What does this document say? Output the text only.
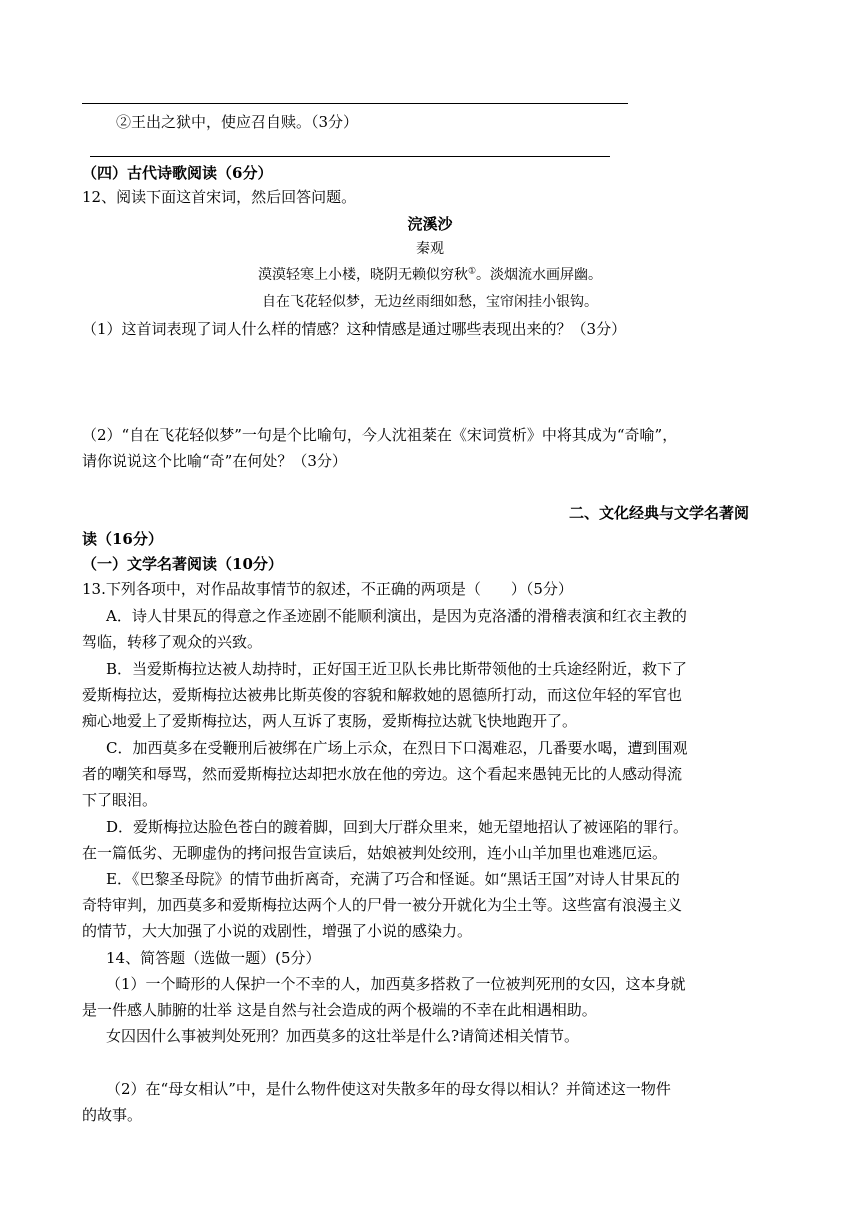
②王出之狱中，使应召自赎。（3分）
（四）古代诗歌阅读（6分）
12、阅读下面这首宋词，然后回答问题。
浣溪沙
秦观
漠漠轻寒上小楼，晓阴无赖似穷秋①。淡烟流水画屏幽。
自在飞花轻似梦，无边丝雨细如愁，宝帘闲挂小银钩。
（1）这首词表现了词人什么样的情感？这种情感是通过哪些表现出来的？（3分）
（2）“自在飞花轻似梦”一句是个比喻句，今人沈祖棻在《宋词赏析》中将其成为“奇喻”，
请你说说这个比喻“奇”在何处？（3分）
二、文化经典与文学名著阅
读（16分）
（一）文学名著阅读（10分）
13.下列各项中，对作品故事情节的叙述，不正确的两项是（　　）（5分）
A．诗人甘果瓦的得意之作圣迹剧不能顺利演出，是因为克洛潘的滑稽表演和红衣主教的
驾临，转移了观众的兴致。
B．当爱斯梅拉达被人劫持时，正好国王近卫队长弗比斯带领他的士兵途经附近，救下了
爱斯梅拉达，爱斯梅拉达被弗比斯英俊的容貌和解救她的恩德所打动，而这位年轻的军官也
痴心地爱上了爱斯梅拉达，两人互诉了衷肠，爱斯梅拉达就飞快地跑开了。
C．加西莫多在受鞭刑后被绑在广场上示众，在烈日下口渴难忍，几番要水喝，遭到围观
者的嘲笑和辱骂，然而爱斯梅拉达却把水放在他的旁边。这个看起来愚钝无比的人感动得流
下了眼泪。
D．爱斯梅拉达脸色苍白的踱着脚，回到大厅群众里来，她无望地招认了被诬陷的罪行。
在一篇低劣、无聊虚伪的拷问报告宣读后，姑娘被判处绞刑，连小山羊加里也难逃厄运。
E．《巴黎圣母院》的情节曲折离奇，充满了巧合和怪诞。如“黑话王国”对诗人甘果瓦的
奇特审判，加西莫多和爱斯梅拉达两个人的尸骨一被分开就化为尘土等。这些富有浪漫主义
的情节，大大加强了小说的戏剧性，增强了小说的感染力。
14、简答题（选做一题）(5分）
（1）一个畸形的人保护一个不幸的人，加西莫多搭救了一位被判死刑的女囚，这本身就
是一件感人肺腑的壮举 这是自然与社会造成的两个极端的不幸在此相遇相助。
女囚因什么事被判处死刑？加西莫多的这壮举是什么?请简述相关情节。
（2）在“母女相认”中，是什么物件使这对失散多年的母女得以相认？并简述这一物件
的故事。
